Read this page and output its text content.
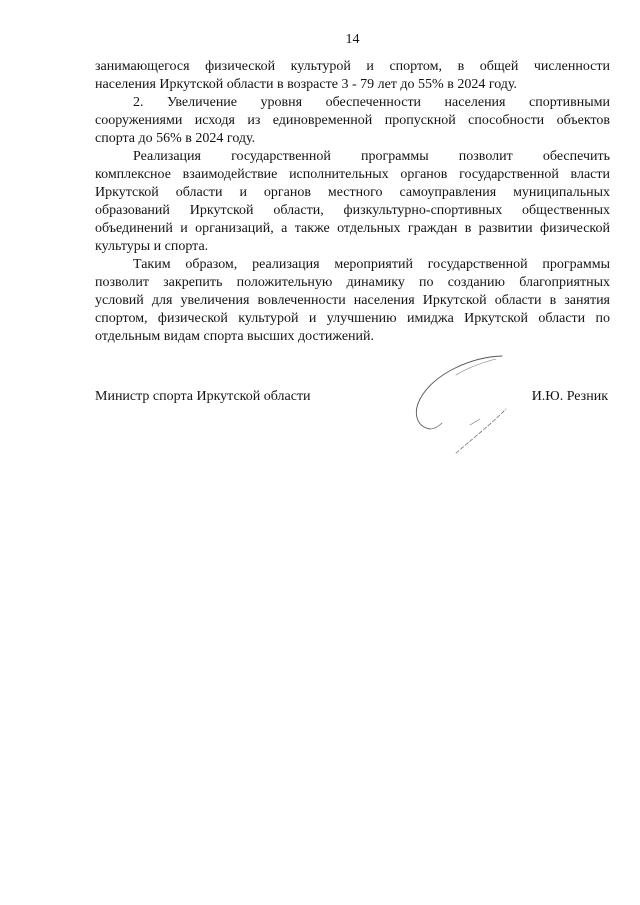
14
занимающегося физической культурой и спортом, в общей численности
населения Иркутской области в возрасте 3 - 79 лет до 55% в 2024 году.
2. Увеличение уровня обеспеченности населения спортивными
сооружениями исходя из единовременной пропускной способности объектов
спорта до 56% в 2024 году.
Реализация государственной программы позволит обеспечить
комплексное взаимодействие исполнительных органов государственной власти
Иркутской области и органов местного самоуправления муниципальных
образований Иркутской области, физкультурно-спортивных общественных
объединений и организаций, а также отдельных граждан в развитии физической
культуры и спорта.
Таким образом, реализация мероприятий государственной программы
позволит закрепить положительную динамику по созданию благоприятных
условий для увеличения вовлеченности населения Иркутской области в занятия
спортом, физической культурой и улучшению имиджа Иркутской области по
отдельным видам спорта высших достижений.
Министр спорта Иркутской области	И.Ю. Резник
